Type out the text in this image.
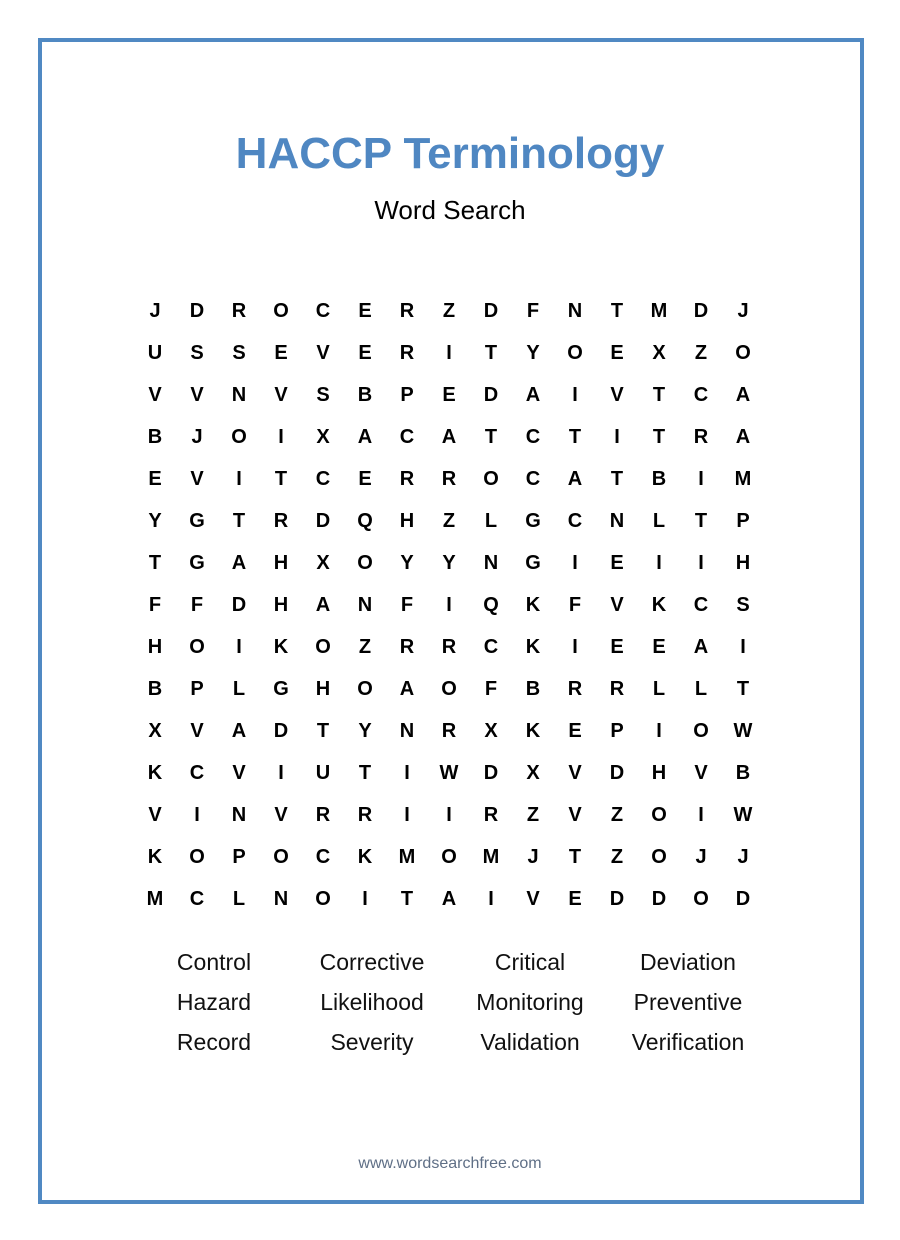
HACCP Terminology
Word Search
J	D	R	O	C	E	R	Z	D	F	N	T	M	D	J
U	S	S	E	V	E	R	I	T	Y	O	E	X	Z	O
V	V	N	V	S	B	P	E	D	A	I	V	T	C	A
B	J	O	I	X	A	C	A	T	C	T	I	T	R	A
E	V	I	T	C	E	R	R	O	C	A	T	B	I	M
Y	G	T	R	D	Q	H	Z	L	G	C	N	L	T	P
T	G	A	H	X	O	Y	Y	N	G	I	E	I	I	H
F	F	D	H	A	N	F	I	Q	K	F	V	K	C	S
H	O	I	K	O	Z	R	R	C	K	I	E	E	A	I
B	P	L	G	H	O	A	O	F	B	R	R	L	L	T
X	V	A	D	T	Y	N	R	X	K	E	P	I	O	W
K	C	V	I	U	T	I	W	D	X	V	D	H	V	B
V	I	N	V	R	R	I	I	R	Z	V	Z	O	I	W
K	O	P	O	C	K	M	O	M	J	T	Z	O	J	J
M	C	L	N	O	I	T	A	I	V	E	D	D	O	D
Control	Corrective	Critical	Deviation
Hazard	Likelihood	Monitoring	Preventive
Record	Severity	Validation	Verification
www.wordsearchfree.com
